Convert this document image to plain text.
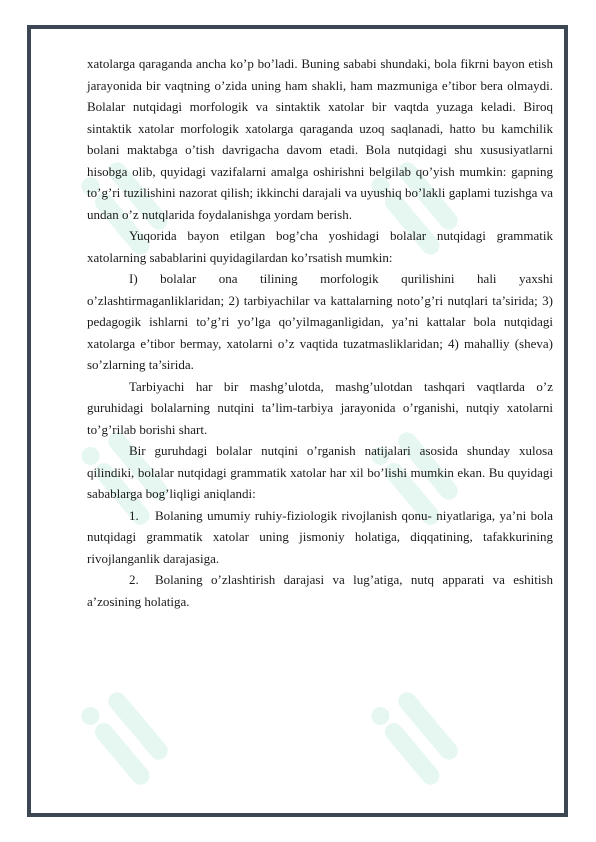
xatolarga qaraganda ancha ko’p bo’ladi. Buning sababi shundaki, bola fikrni bayon etish jarayonida bir vaqtning o’zida uning ham shakli, ham mazmuniga e’tibor bera olmaydi. Bolalar nutqidagi morfologik va sintaktik xatolar bir vaqtda yuzaga keladi. Biroq sintaktik xatolar morfologik xatolarga qaraganda uzoq saqlanadi, hatto bu kamchilik bolani maktabga o’tish davrigacha davom etadi. Bola nutqidagi shu xususiyatlarni hisobga olib, quyidagi vazifalarni amalga oshirishni belgilab qo’yish mumkin: gapning to’g’ri tuzilishini nazorat qilish; ikkinchi darajali va uyushiq bo’lakli gaplami tuzishga va undan o’z nutqlarida foydalanishga yordam berish.

Yuqorida bayon etilgan bog’cha yoshidagi bolalar nutqidagi grammatik xatolarning sabablarini quyidagilardan ko’rsatish mumkin:

I) bolalar ona tilining morfologik qurilishini hali yaxshi o’zlashtirmaganliklaridan; 2) tarbiyachilar va kattalarning noto’g’ri nutqlari ta’sirida; 3) pedagogik ishlarni to’g’ri yo’lga qo’yilmaganligidan, ya’ni kattalar bola nutqidagi xatolarga e’tibor bermay, xatolarni o’z vaqtida tuzatmasliklaridan; 4) mahalliy (sheva) so’zlarning ta’sirida.

Tarbiyachi har bir mashg’ulotda, mashg’ulotdan tashqari vaqtlarda o’z guruhidagi bolalarning nutqini ta’lim-tarbiya jarayonida o’rganishi, nutqiy xatolarni to’g’rilab borishi shart.

Bir guruhdagi bolalar nutqini o’rganish natijalari asosida shunday xulosa qilindiki, bolalar nutqidagi grammatik xatolar har xil bo’lishi mumkin ekan. Bu quyidagi sabablarga bog’liqligi aniqlandi:

1. Bolaning umumiy ruhiy-fiziologik rivojlanish qonu- niyatlariga, ya’ni bola nutqidagi grammatik xatolar uning jismoniy holatiga, diqqatining, tafakkurining rivojlanganlik darajasiga.

2. Bolaning o’zlashtirish darajasi va lug’atiga, nutq apparati va eshitish a’zosining holatiga.
